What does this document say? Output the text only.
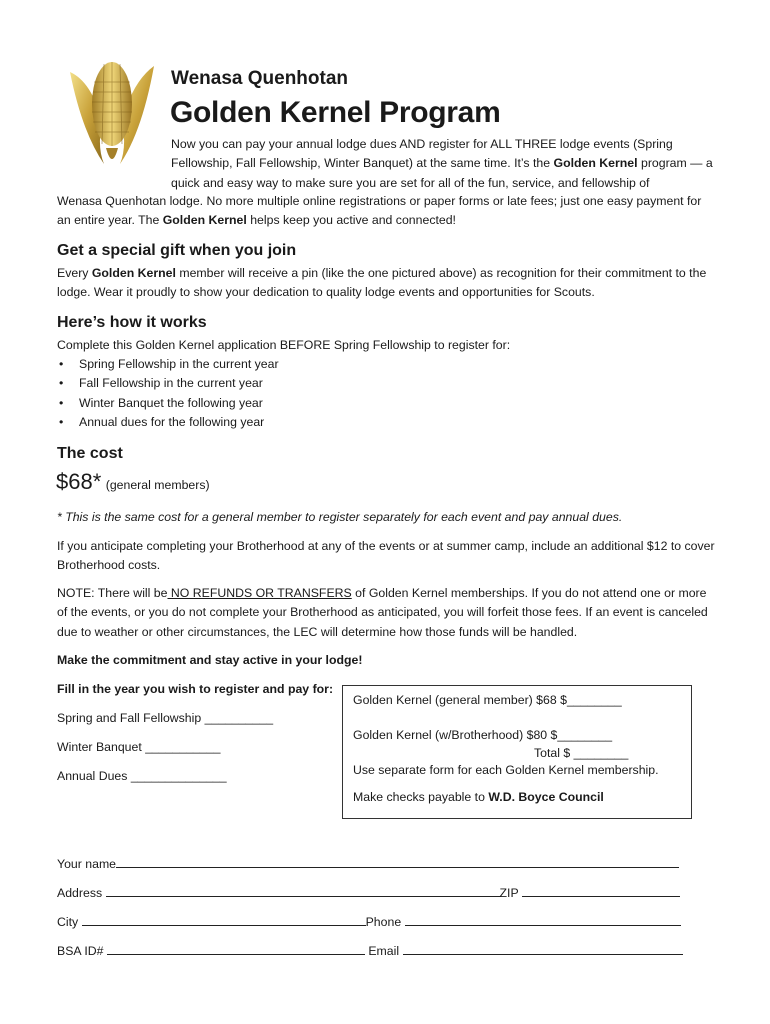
Wenasa Quenhotan
Golden Kernel Program
Now you can pay your annual lodge dues AND register for ALL THREE lodge events (Spring Fellowship, Fall Fellowship, Winter Banquet) at the same time. It’s the Golden Kernel program — a quick and easy way to make sure you are set for all of the fun, service, and fellowship of
Wenasa Quenhotan lodge. No more multiple online registrations or paper forms or late fees; just one easy payment for an entire year. The Golden Kernel helps keep you active and connected!
Get a special gift when you join
Every Golden Kernel member will receive a pin (like the one pictured above) as recognition for their commitment to the lodge. Wear it proudly to show your dedication to quality lodge events and opportunities for Scouts.
Here’s how it works
Complete this Golden Kernel application BEFORE Spring Fellowship to register for:
• Spring Fellowship in the current year
• Fall Fellowship in the current year
• Winter Banquet the following year
• Annual dues for the following year
The cost
$68* (general members)
* This is the same cost for a general member to register separately for each event and pay annual dues.
If you anticipate completing your Brotherhood at any of the events or at summer camp, include an additional $12 to cover Brotherhood costs.
NOTE: There will be NO REFUNDS OR TRANSFERS of Golden Kernel memberships. If you do not attend one or more of the events, or you do not complete your Brotherhood as anticipated, you will forfeit those fees. If an event is canceled due to weather or other circumstances, the LEC will determine how those funds will be handled.
Make the commitment and stay active in your lodge!
Fill in the year you wish to register and pay for:
Spring and Fall Fellowship __________
Winter Banquet ___________
Annual Dues ______________
Golden Kernel (general member) $68 $________
Golden Kernel (w/Brotherhood) $80 $________
Total $ ________
Use separate form for each Golden Kernel membership.
Make checks payable to W.D. Boyce Council
Your name
Address	ZIP
City	Phone
BSA ID#	Email
